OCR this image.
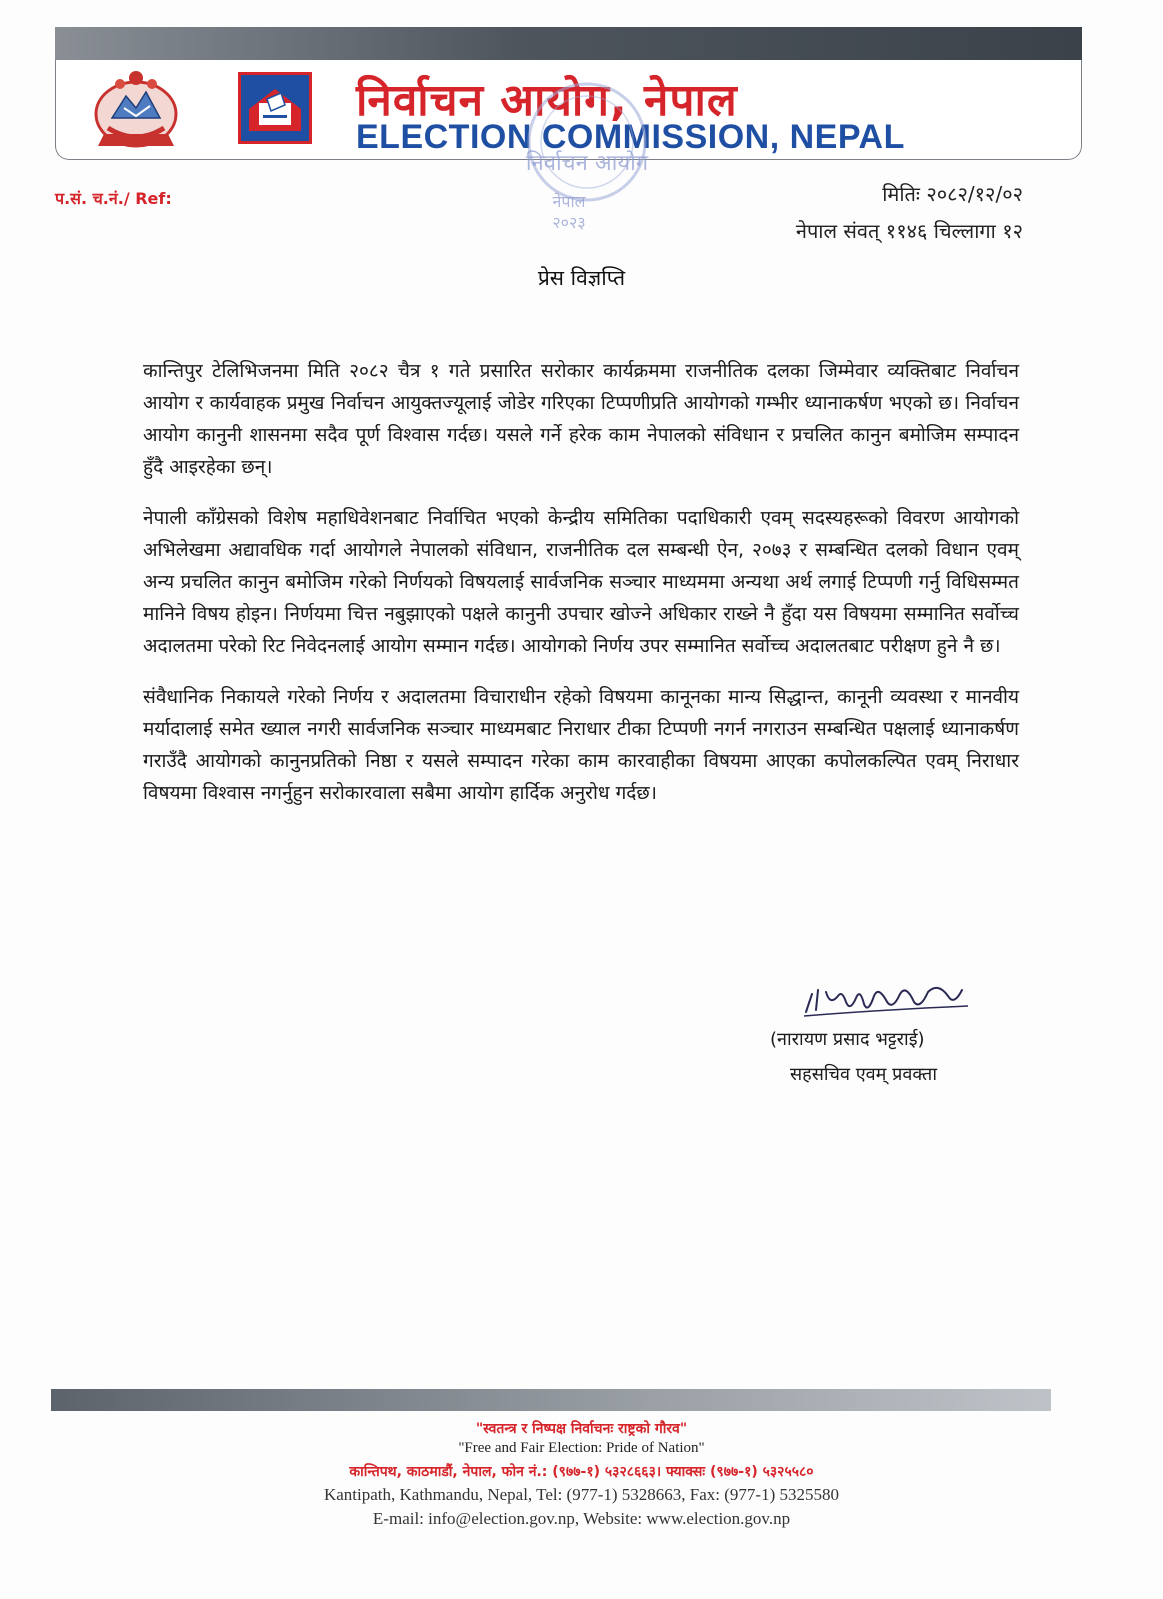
निर्वाचन आयोग, नेपाल
ELECTION COMMISSION, NEPAL
निर्वाचन आयोग
नेपाल
२०२३
प.सं. च.नं./ Ref:	मितिः २०८२/१२/०२
नेपाल संवत् ११४६ चिल्लागा १२
प्रेस विज्ञप्ति

कान्तिपुर टेलिभिजनमा मिति २०८२ चैत्र १ गते प्रसारित सरोकार कार्यक्रममा राजनीतिक दलका जिम्मेवार व्यक्तिबाट निर्वाचन आयोग र कार्यवाहक प्रमुख निर्वाचन आयुक्तज्यूलाई जोडेर गरिएका टिप्पणीप्रति आयोगको गम्भीर ध्यानाकर्षण भएको छ। निर्वाचन आयोग कानुनी शासनमा सदैव पूर्ण विश्वास गर्दछ। यसले गर्ने हरेक काम नेपालको संविधान र प्रचलित कानुन बमोजिम सम्पादन हुँदै आइरहेका छन्।

नेपाली काँग्रेसको विशेष महाधिवेशनबाट निर्वाचित भएको केन्द्रीय समितिका पदाधिकारी एवम् सदस्यहरूको विवरण आयोगको अभिलेखमा अद्यावधिक गर्दा आयोगले नेपालको संविधान, राजनीतिक दल सम्बन्धी ऐन, २०७३ र सम्बन्धित दलको विधान एवम् अन्य प्रचलित कानुन बमोजिम गरेको निर्णयको विषयलाई सार्वजनिक सञ्चार माध्यममा अन्यथा अर्थ लगाई टिप्पणी गर्नु विधिसम्मत मानिने विषय होइन। निर्णयमा चित्त नबुझाएको पक्षले कानुनी उपचार खोज्ने अधिकार राख्ने नै हुँदा यस विषयमा सम्मानित सर्वोच्च अदालतमा परेको रिट निवेदनलाई आयोग सम्मान गर्दछ। आयोगको निर्णय उपर सम्मानित सर्वोच्च अदालतबाट परीक्षण हुने नै छ।

संवैधानिक निकायले गरेको निर्णय र अदालतमा विचाराधीन रहेको विषयमा कानूनका मान्य सिद्धान्त, कानूनी व्यवस्था र मानवीय मर्यादालाई समेत ख्याल नगरी सार्वजनिक सञ्चार माध्यमबाट निराधार टीका टिप्पणी नगर्न नगराउन सम्बन्धित पक्षलाई ध्यानाकर्षण गराउँदै आयोगको कानुनप्रतिको निष्ठा र यसले सम्पादन गरेका काम कारवाहीका विषयमा आएका कपोलकल्पित एवम् निराधार विषयमा विश्वास नगर्नुहुन सरोकारवाला सबैमा आयोग हार्दिक अनुरोध गर्दछ।

(नारायण प्रसाद भट्टराई)
सहसचिव एवम् प्रवक्ता
"स्वतन्त्र र निष्पक्ष निर्वाचनः राष्ट्रको गौरव"
"Free and Fair Election: Pride of Nation"
कान्तिपथ, काठमाडौं, नेपाल, फोन नं.: (९७७-१) ५३२८६६३। फ्याक्सः (९७७-१) ५३२५५८०
Kantipath, Kathmandu, Nepal, Tel: (977-1) 5328663, Fax: (977-1) 5325580
E-mail: info@election.gov.np, Website: www.election.gov.np
